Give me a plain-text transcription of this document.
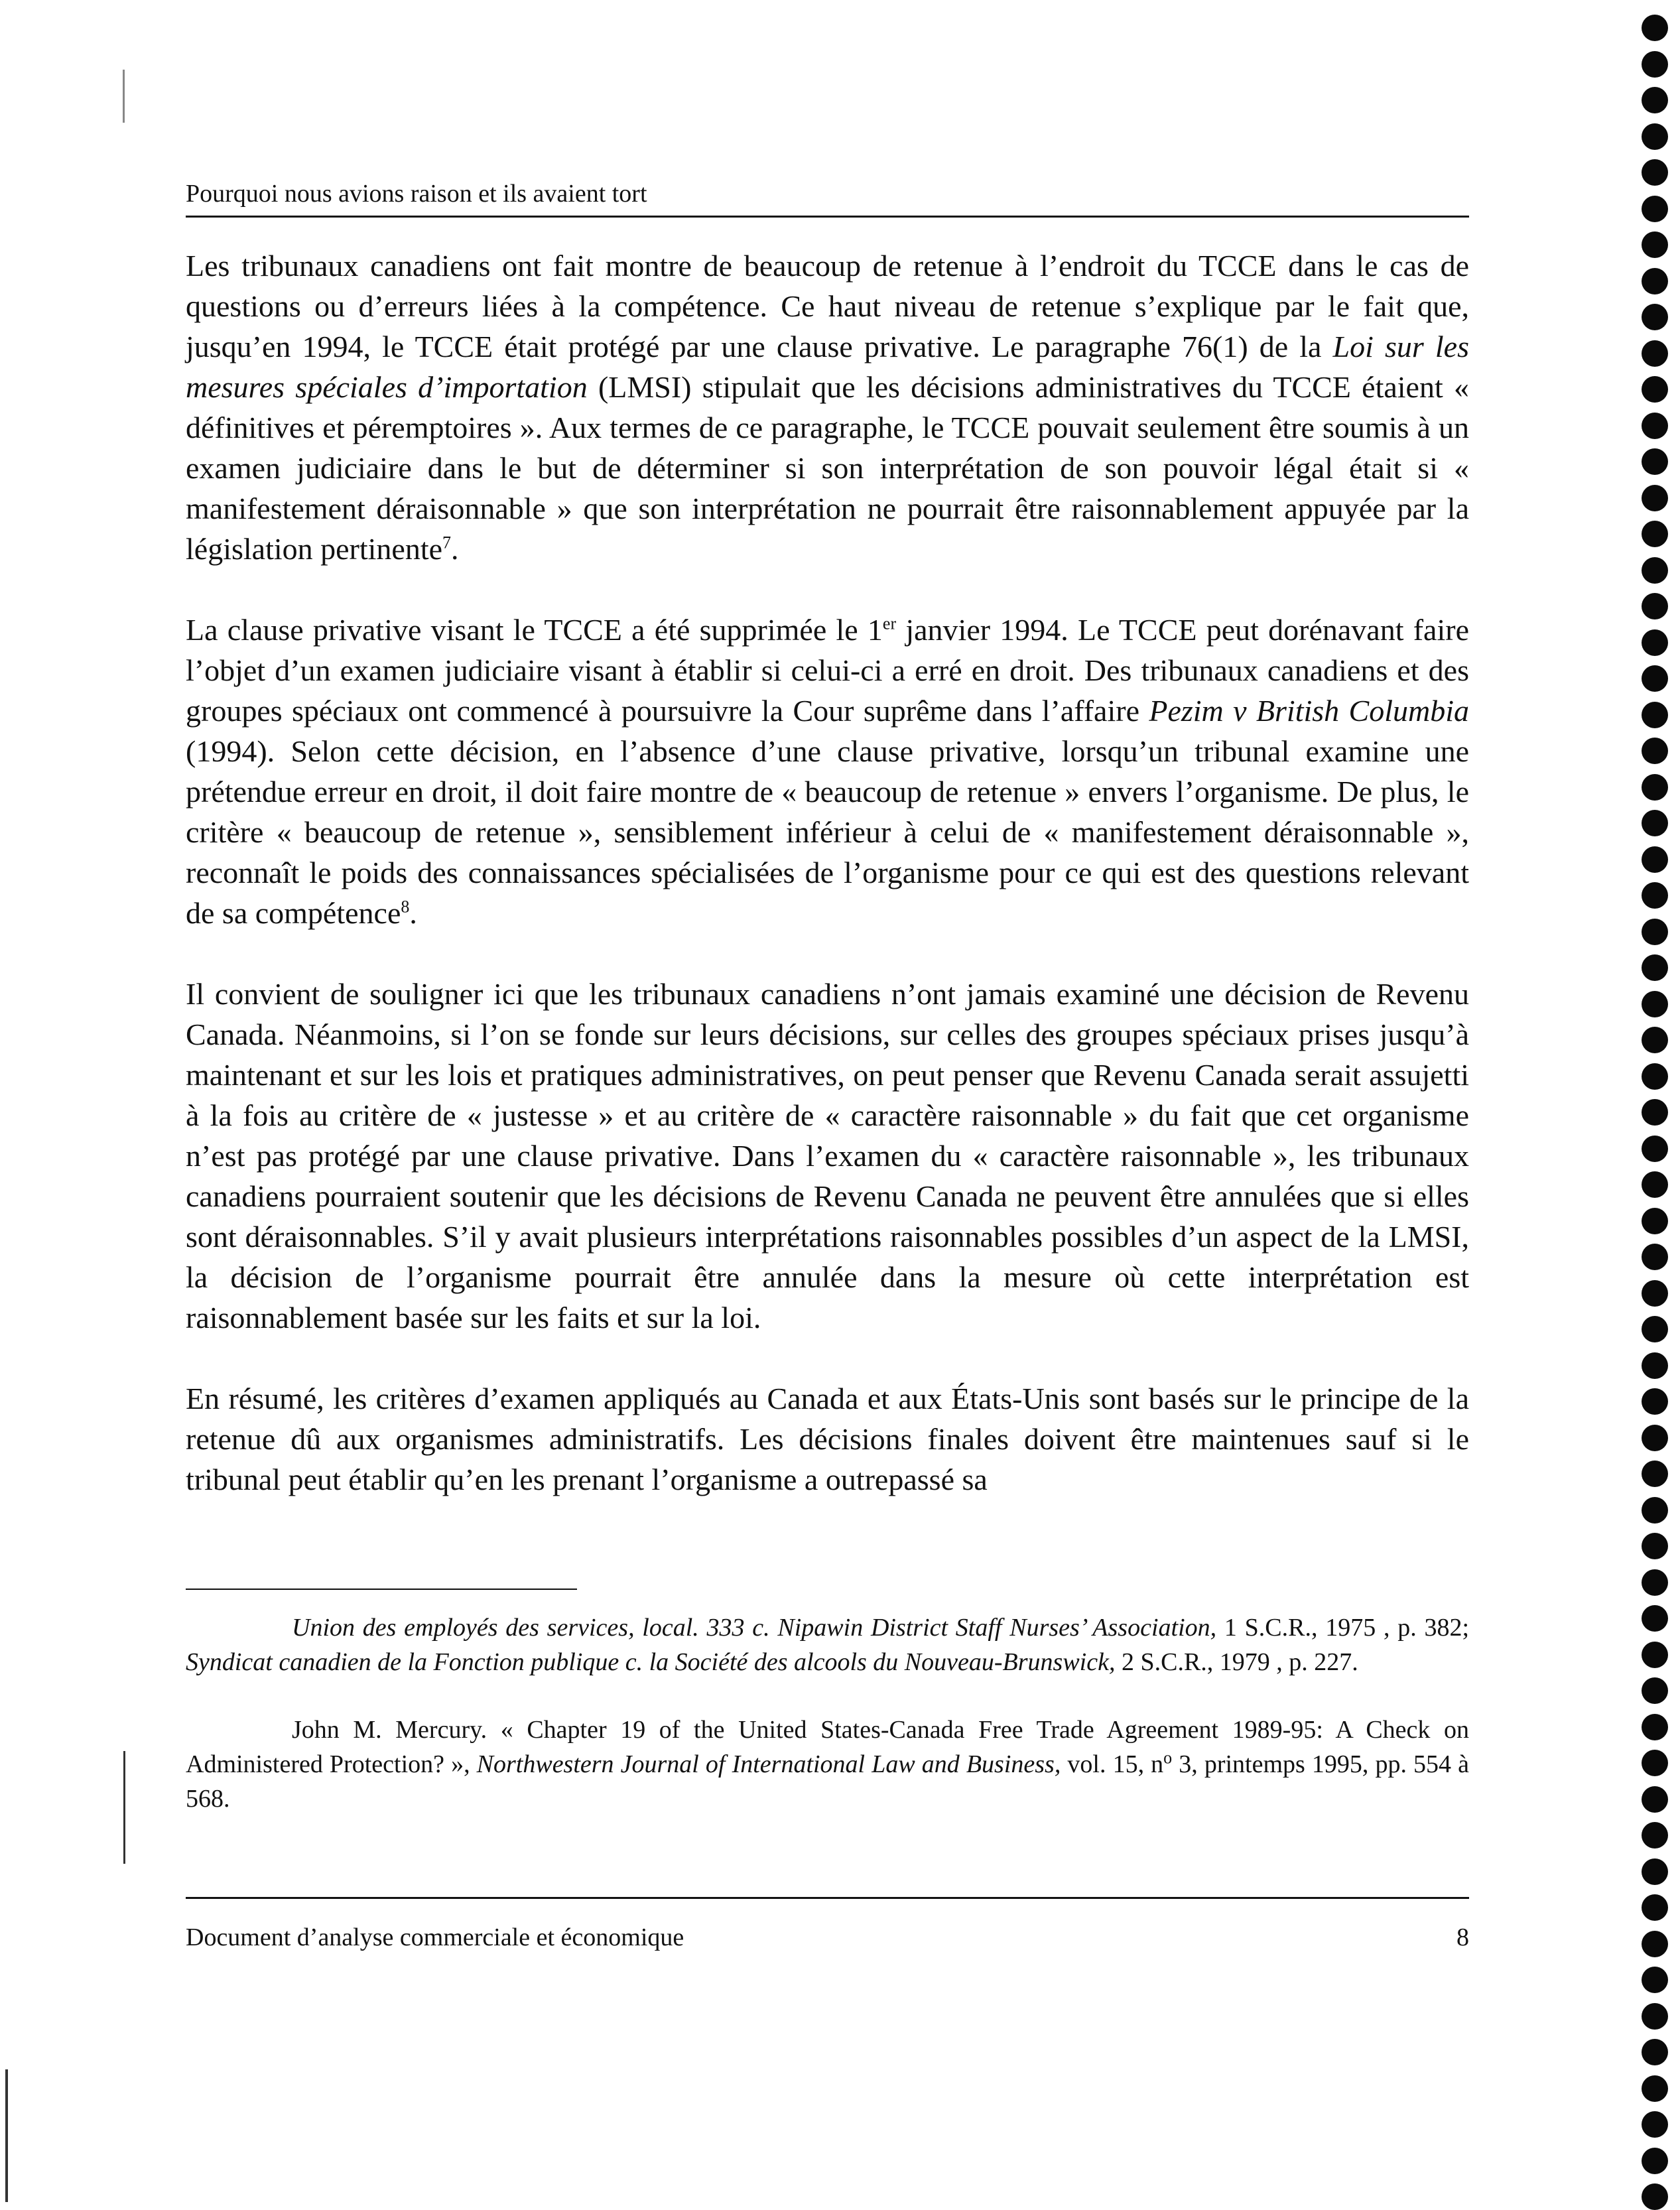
Pourquoi nous avions raison et ils avaient tort

Les tribunaux canadiens ont fait montre de beaucoup de retenue à l’endroit du TCCE dans le cas de questions ou d’erreurs liées à la compétence. Ce haut niveau de retenue s’explique par le fait que, jusqu’en 1994, le TCCE était protégé par une clause privative. Le paragraphe 76(1) de la Loi sur les mesures spéciales d’importation (LMSI) stipulait que les décisions administratives du TCCE étaient « définitives et péremptoires ». Aux termes de ce paragraphe, le TCCE pouvait seulement être soumis à un examen judiciaire dans le but de déterminer si son interprétation de son pouvoir légal était si « manifestement déraisonnable » que son interprétation ne pourrait être raisonnablement appuyée par la législation pertinente$^7$.

La clause privative visant le TCCE a été supprimée le 1er janvier 1994. Le TCCE peut dorénavant faire l’objet d’un examen judiciaire visant à établir si celui-ci a erré en droit. Des tribunaux canadiens et des groupes spéciaux ont commencé à poursuivre la Cour suprême dans l’affaire Pezim v British Columbia (1994). Selon cette décision, en l’absence d’une clause privative, lorsqu’un tribunal examine une prétendue erreur en droit, il doit faire montre de « beaucoup de retenue » envers l’organisme. De plus, le critère « beaucoup de retenue », sensiblement inférieur à celui de « manifestement déraisonnable », reconnaît le poids des connaissances spécialisées de l’organisme pour ce qui est des questions relevant de sa compétence$^8$.

Il convient de souligner ici que les tribunaux canadiens n’ont jamais examiné une décision de Revenu Canada. Néanmoins, si l’on se fonde sur leurs décisions, sur celles des groupes spéciaux prises jusqu’à maintenant et sur les lois et pratiques administratives, on peut penser que Revenu Canada serait assujetti à la fois au critère de « justesse » et au critère de « caractère raisonnable » du fait que cet organisme n’est pas protégé par une clause privative. Dans l’examen du « caractère raisonnable », les tribunaux canadiens pourraient soutenir que les décisions de Revenu Canada ne peuvent être annulées que si elles sont déraisonnables. S’il y avait plusieurs interprétations raisonnables possibles d’un aspect de la LMSI, la décision de l’organisme pourrait être annulée dans la mesure où cette interprétation est raisonnablement basée sur les faits et sur la loi.

En résumé, les critères d’examen appliqués au Canada et aux États-Unis sont basés sur le principe de la retenue dû aux organismes administratifs. Les décisions finales doivent être maintenues sauf si le tribunal peut établir qu’en les prenant l’organisme a outrepassé sa

Union des employés des services, local. 333 c. Nipawin District Staff Nurses’ Association, 1 S.C.R., 1975 , p. 382; Syndicat canadien de la Fonction publique c. la Société des alcools du Nouveau-Brunswick, 2 S.C.R., 1979 , p. 227.

John M. Mercury. « Chapter 19 of the United States-Canada Free Trade Agreement 1989-95: A Check on Administered Protection? », Northwestern Journal of International Law and Business, vol. 15, $n^o$ 3, printemps 1995, pp. 554 à 568.

Document d’analyse commerciale et économique	8
